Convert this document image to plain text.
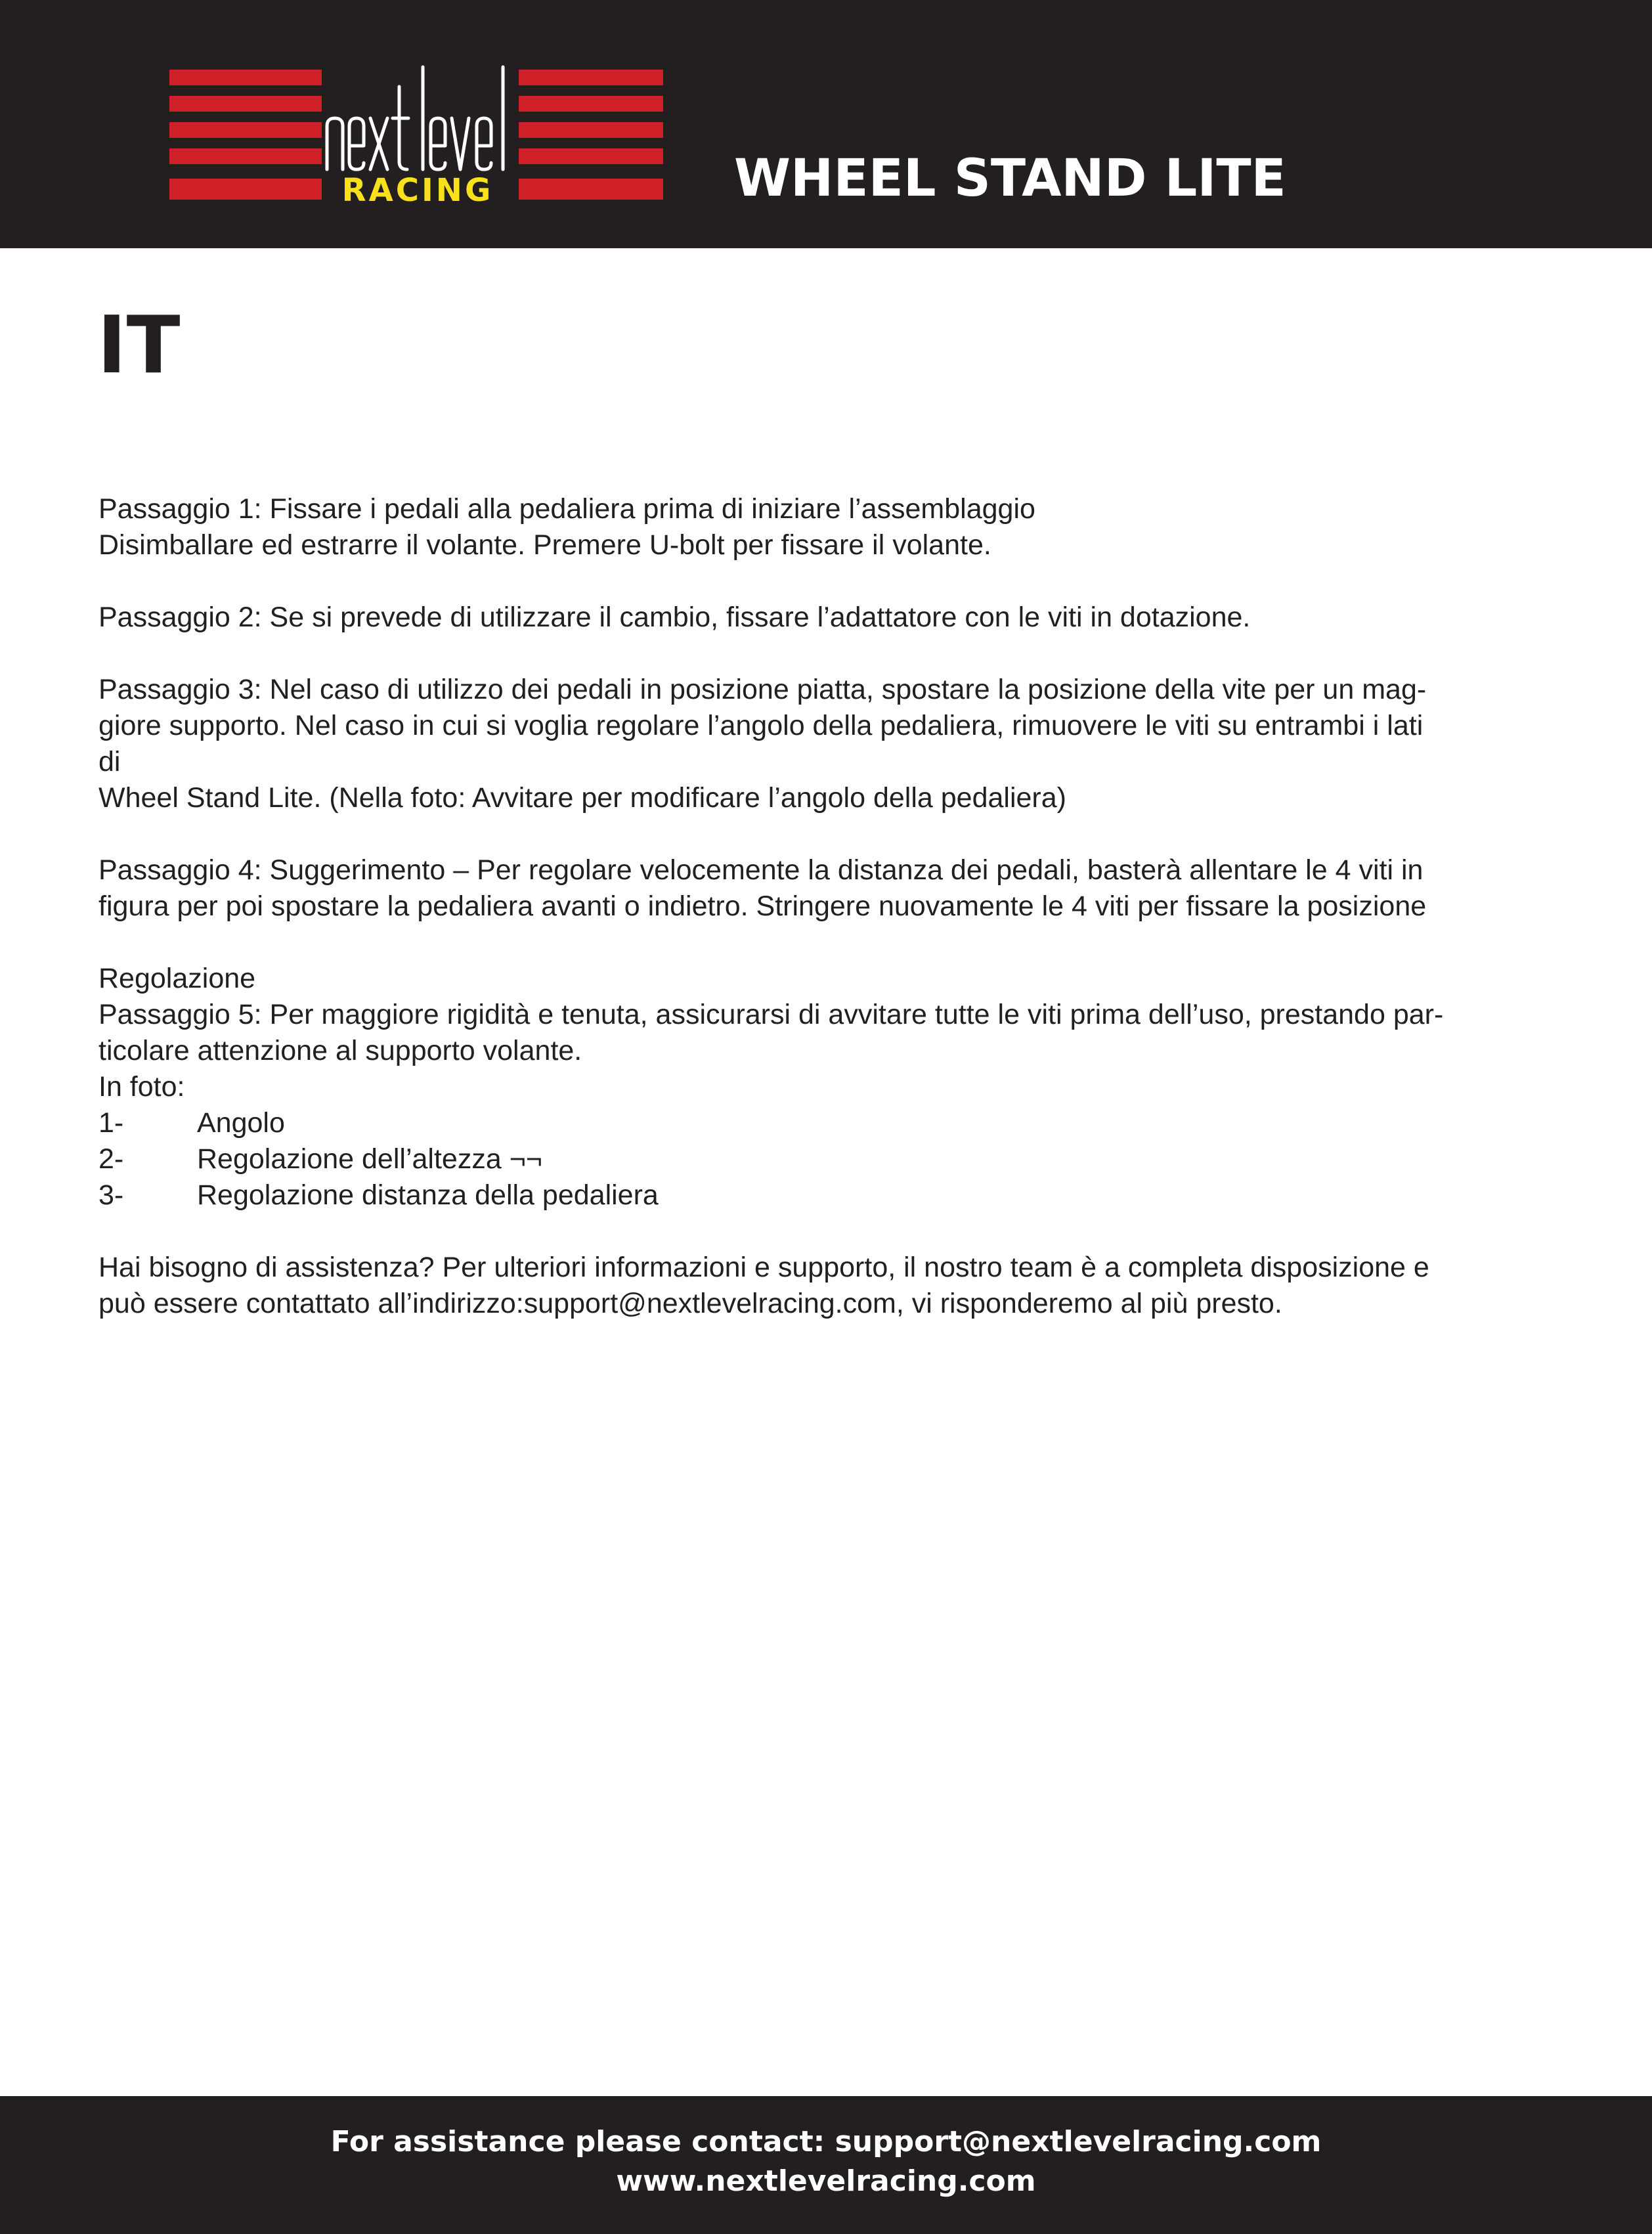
RACING	WHEEL STAND LITE
IT

Passaggio 1: Fissare i pedali alla pedaliera prima di iniziare l’assemblaggio

Disimballare ed estrarre il volante. Premere U-bolt per fissare il volante.

Passaggio 2: Se si prevede di utilizzare il cambio, fissare l’adattatore con le viti in dotazione.

Passaggio 3: Nel caso di utilizzo dei pedali in posizione piatta, spostare la posizione della vite per un mag-

giore supporto. Nel caso in cui si voglia regolare l’angolo della pedaliera, rimuovere le viti su entrambi i lati

di

Wheel Stand Lite. (Nella foto: Avvitare per modificare l’angolo della pedaliera)

Passaggio 4: Suggerimento – Per regolare velocemente la distanza dei pedali, basterà allentare le 4 viti in

figura per poi spostare la pedaliera avanti o indietro. Stringere nuovamente le 4 viti per fissare la posizione

Regolazione

Passaggio 5: Per maggiore rigidità e tenuta, assicurarsi di avvitare tutte le viti prima dell’uso, prestando par-

ticolare attenzione al supporto volante.

In foto:

1-	Angolo
2-	Regolazione dell’altezza ¬¬
3-	Regolazione distanza della pedaliera

Hai bisogno di assistenza? Per ulteriori informazioni e supporto, il nostro team è a completa disposizione e

può essere contattato all’indirizzo:support@nextlevelracing.com, vi risponderemo al più presto.

For assistance please contact: support@nextlevelracing.com
www.nextlevelracing.com
